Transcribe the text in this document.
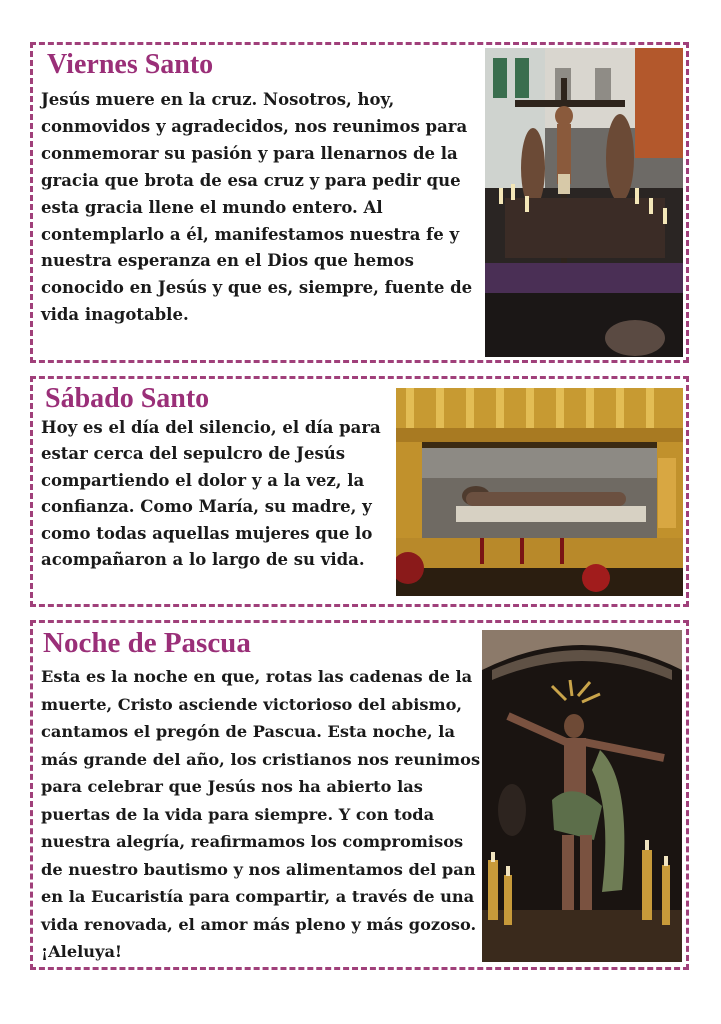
Viernes Santo

Jesús muere en la cruz. Nosotros, hoy, conmovidos y agradecidos, nos reunimos para conmemorar su pasión y para llenarnos de la gracia que brota de esa cruz y para pedir que esta gracia llene el mundo entero. Al contemplarlo a él, manifestamos nuestra fe y nuestra esperanza en el Dios que hemos conocido en Jesús y que es, siempre, fuente de vida inagotable.

Sábado Santo

Hoy es el día del silencio, el día para estar cerca del sepulcro de Jesús compartiendo el dolor y a la vez, la confianza. Como María, su madre, y como todas aquellas mujeres que lo acompañaron a lo largo de su vida.

Noche de Pascua

Esta es la noche en que, rotas las cadenas de la muerte, Cristo asciende victorioso del abismo, cantamos el pregón de Pascua. Esta noche, la más grande del año, los cristianos nos reunimos para celebrar que Jesús nos ha abierto las puertas de la vida para siempre. Y con toda nuestra alegría, reafirmamos los compromisos de nuestro bautismo y nos alimentamos del pan en la Eucaristía para compartir, a través de una vida renovada, el amor más pleno y más gozoso. ¡Aleluya!
